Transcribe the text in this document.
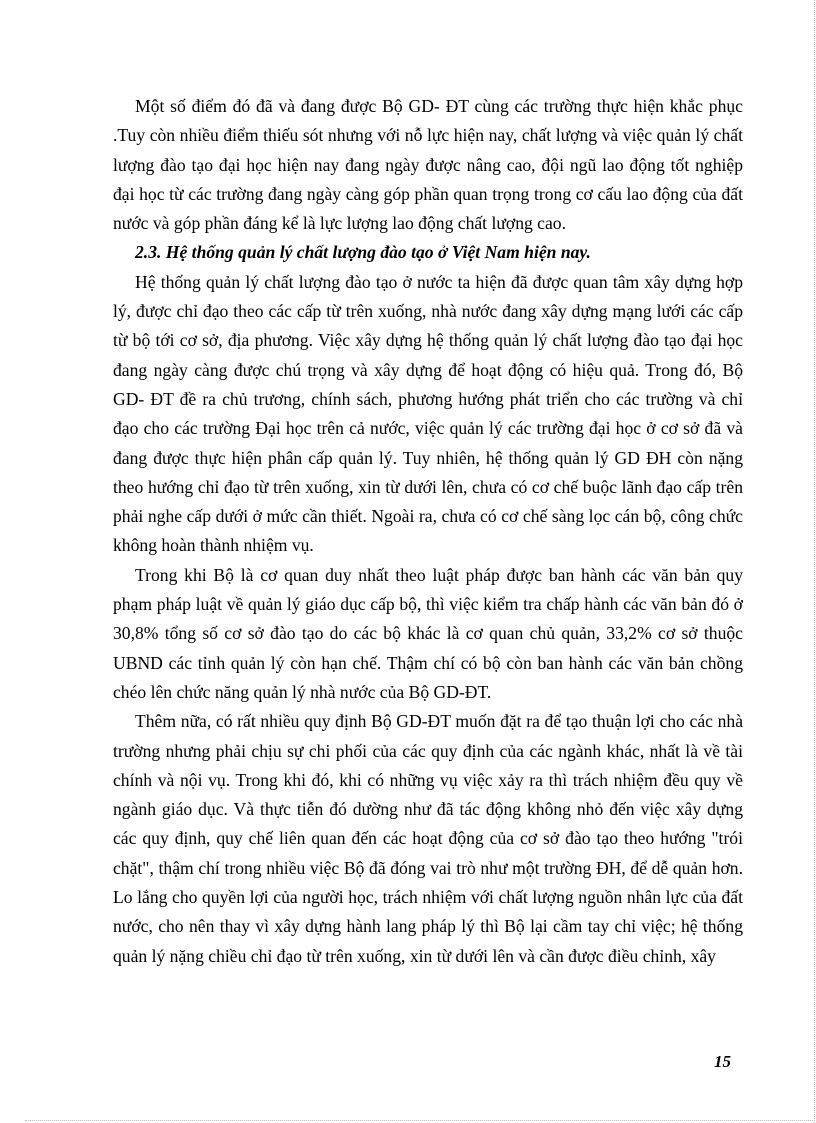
Một số điểm đó đã và đang được Bộ GD- ĐT cùng các trường thực hiện khắc phục .Tuy còn nhiều điểm thiếu sót nhưng với nỗ lực hiện nay, chất lượng và việc quản lý chất lượng đào tạo đại học hiện nay đang ngày được nâng cao, đội ngũ lao động tốt nghiệp đại học từ các trường đang ngày càng góp phần quan trọng trong cơ cấu lao động của đất nước và góp phần đáng kể là lực lượng lao động chất lượng cao.

2.3. Hệ thống quản lý chất lượng đào tạo ở Việt Nam hiện nay.

Hệ thống quản lý chất lượng đào tạo ở nước ta hiện đã được quan tâm xây dựng hợp lý, được chỉ đạo theo các cấp từ trên xuống, nhà nước đang xây dựng mạng lưới các cấp từ bộ tới cơ sở, địa phương. Việc xây dựng hệ thống quản lý chất lượng đào tạo đại học đang ngày càng được chú trọng và xây dựng để hoạt động có hiệu quả. Trong đó, Bộ GD- ĐT đề ra chủ trương, chính sách, phương hướng phát triển cho các trường và chỉ đạo cho các trường Đại học trên cả nước, việc quản lý các trường đại học ở cơ sở đã và đang được thực hiện phân cấp quản lý. Tuy nhiên, hệ thống quản lý GD ĐH còn nặng theo hướng chỉ đạo từ trên xuống, xin từ dưới lên, chưa có cơ chế buộc lãnh đạo cấp trên phải nghe cấp dưới ở mức cần thiết. Ngoài ra, chưa có cơ chế sàng lọc cán bộ, công chức không hoàn thành nhiệm vụ.

Trong khi Bộ là cơ quan duy nhất theo luật pháp được ban hành các văn bản quy phạm pháp luật về quản lý giáo dục cấp bộ, thì việc kiểm tra chấp hành các văn bản đó ở 30,8% tổng số cơ sở đào tạo do các bộ khác là cơ quan chủ quản, 33,2% cơ sở thuộc UBND các tỉnh quản lý còn hạn chế. Thậm chí có bộ còn ban hành các văn bản chồng chéo lên chức năng quản lý nhà nước của Bộ GD-ĐT.

Thêm nữa, có rất nhiều quy định Bộ GD-ĐT muốn đặt ra để tạo thuận lợi cho các nhà trường nhưng phải chịu sự chi phối của các quy định của các ngành khác, nhất là về tài chính và nội vụ. Trong khi đó, khi có những vụ việc xảy ra thì trách nhiệm đều quy về ngành giáo dục. Và thực tiễn đó dường như đã tác động không nhỏ đến việc xây dựng các quy định, quy chế liên quan đến các hoạt động của cơ sở đào tạo theo hướng "trói chặt", thậm chí trong nhiều việc Bộ đã đóng vai trò như một trường ĐH, để dễ quản hơn. Lo lắng cho quyền lợi của người học, trách nhiệm với chất lượng nguồn nhân lực của đất nước, cho nên thay vì xây dựng hành lang pháp lý thì Bộ lại cầm tay chỉ việc; hệ thống quản lý nặng chiều chỉ đạo từ trên xuống, xin từ dưới lên và cần được điều chỉnh, xây

15
